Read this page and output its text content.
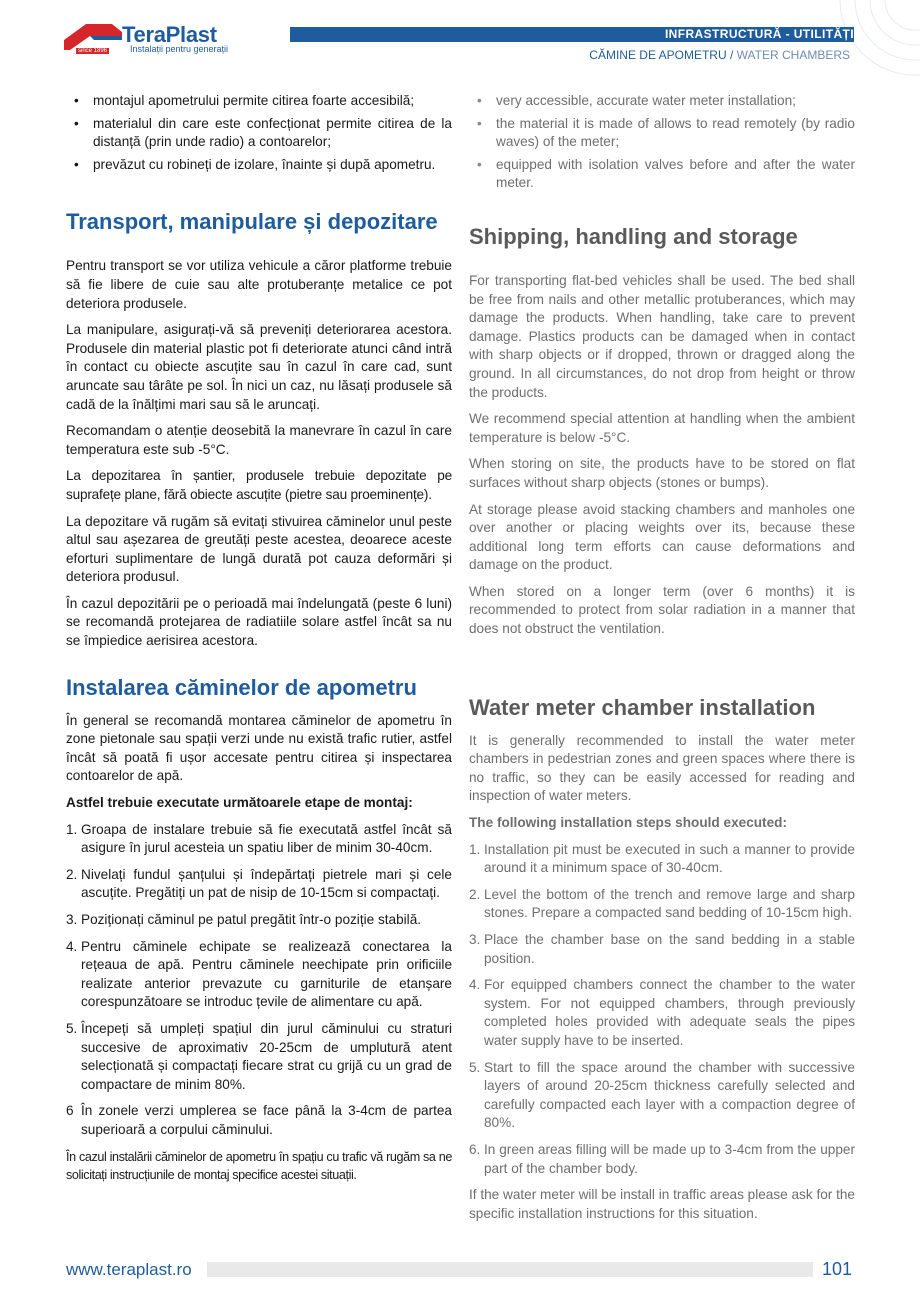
since 1896
TeraPlast
Instalații pentru generații
INFRASTRUCTURĂ - UTILITĂȚI
CĂMINE DE APOMETRU / WATER CHAMBERS
• montajul apometrului permite citirea foarte accesibilă;
• materialul din care este confecționat permite citirea de la distanță (prin unde radio) a contoarelor;
• prevăzut cu robineți de izolare, înainte și după apometru.
Transport, manipulare și depozitare

Pentru transport se vor utiliza vehicule a căror platforme trebuie să fie libere de cuie sau alte protuberanțe metalice ce pot deteriora produsele.

La manipulare, asigurați-vă să preveniți deteriorarea acestora. Produsele din material plastic pot fi deteriorate atunci când intră în contact cu obiecte ascuțite sau în cazul în care cad, sunt aruncate sau târâte pe sol. În nici un caz, nu lăsați produsele să cadă de la înălțimi mari sau să le aruncați.

Recomandam o atenție deosebită la manevrare în cazul în care temperatura este sub -5°C.

La depozitarea în șantier, produsele trebuie depozitate pe suprafețe plane, fără obiecte ascuțite (pietre sau proeminențe).

La depozitare vă rugăm să evitați stivuirea căminelor unul peste altul sau așezarea de greutăți peste acestea, deoarece aceste eforturi suplimentare de lungă durată pot cauza deformări și deteriora produsul.

În cazul depozitării pe o perioadă mai îndelungată (peste 6 luni) se recomandă protejarea de radiatiile solare astfel încât sa nu se împiedice aerisirea acestora.

Instalarea căminelor de apometru

În general se recomandă montarea căminelor de apometru în zone pietonale sau spații verzi unde nu există trafic rutier, astfel încât să poată fi ușor accesate pentru citirea și inspectarea contoarelor de apă.

Astfel trebuie executate următoarele etape de montaj:

1. Groapa de instalare trebuie să fie executată astfel încât să asigure în jurul acesteia un spatiu liber de minim 30-40cm.
2. Nivelați fundul șanțului și îndepărtați pietrele mari și cele ascuțite. Pregătiți un pat de nisip de 10-15cm si compactați.
3. Poziționați căminul pe patul pregătit într-o poziție stabilă.
4. Pentru căminele echipate se realizează conectarea la rețeaua de apă. Pentru căminele neechipate prin orificiile realizate anterior prevazute cu garniturile de etanșare corespunzătoare se introduc țevile de alimentare cu apă.
5. Începeți să umpleți spațiul din jurul căminului cu straturi succesive de aproximativ 20-25cm de umplutură atent selecționată și compactați fiecare strat cu grijă cu un grad de compactare de minim 80%.
6 În zonele verzi umplerea se face până la 3-4cm de partea superioară a corpului căminului.

În cazul instalării căminelor de apometru în spațiu cu trafic vă rugăm sa ne solicitați instrucțiunile de montaj specifice acestei situații.

• very accessible, accurate water meter installation;
• the material it is made of allows to read remotely (by radio waves) of the meter;
• equipped with isolation valves before and after the water meter.
Shipping, handling and storage

For transporting flat-bed vehicles shall be used. The bed shall be free from nails and other metallic protuberances, which may damage the products. When handling, take care to prevent damage. Plastics products can be damaged when in contact with sharp objects or if dropped, thrown or dragged along the ground. In all circumstances, do not drop from height or throw the products.

We recommend special attention at handling when the ambient temperature is below -5°C.

When storing on site, the products have to be stored on flat surfaces without sharp objects (stones or bumps).

At storage please avoid stacking chambers and manholes one over another or placing weights over its, because these additional long term efforts can cause deformations and damage on the product.

When stored on a longer term (over 6 months) it is recommended to protect from solar radiation in a manner that does not obstruct the ventilation.

Water meter chamber installation

It is generally recommended to install the water meter chambers in pedestrian zones and green spaces where there is no traffic, so they can be easily accessed for reading and inspection of water meters.

The following installation steps should executed:

1. Installation pit must be executed in such a manner to provide around it a minimum space of 30-40cm.
2. Level the bottom of the trench and remove large and sharp stones. Prepare a compacted sand bedding of 10-15cm high.
3. Place the chamber base on the sand bedding in a stable position.
4. For equipped chambers connect the chamber to the water system. For not equipped chambers, through previously completed holes provided with adequate seals the pipes water supply have to be inserted.
5. Start to fill the space around the chamber with successive layers of around 20-25cm thickness carefully selected and carefully compacted each layer with a compaction degree of 80%.
6. In green areas filling will be made up to 3-4cm from the upper part of the chamber body.

If the water meter will be install in traffic areas please ask for the specific installation instructions for this situation.

www.teraplast.ro	101
